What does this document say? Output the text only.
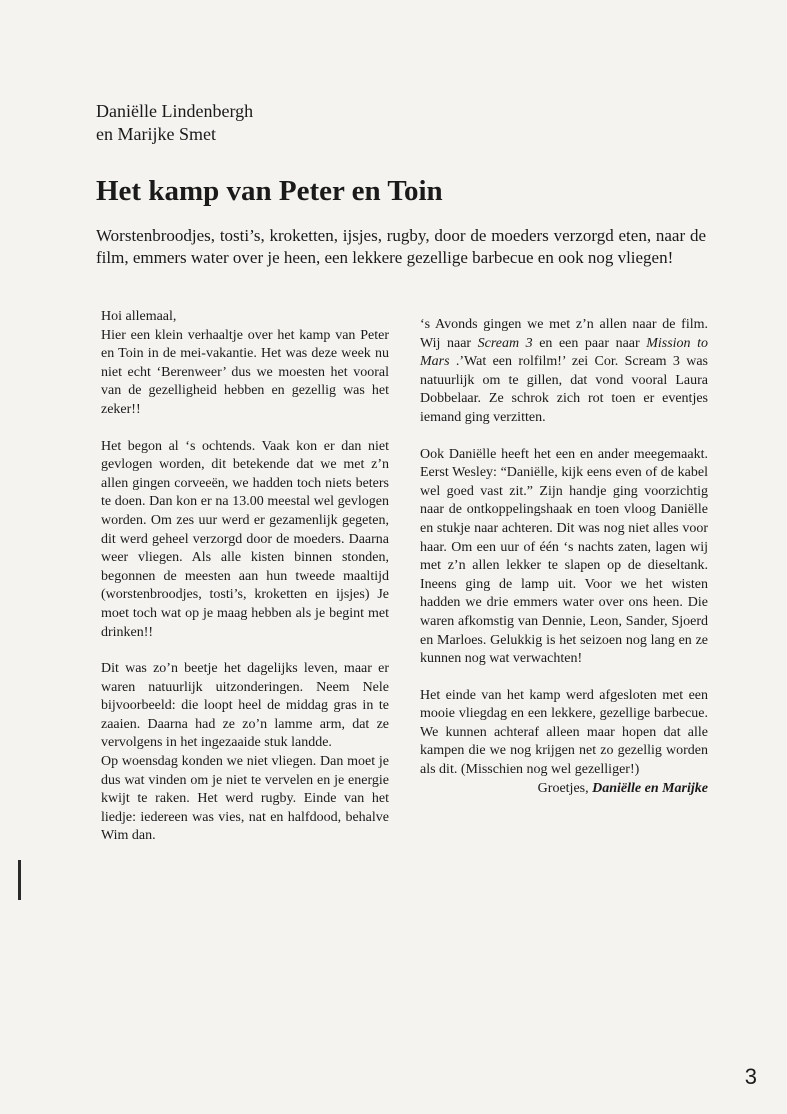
Daniëlle Lindenbergh
en Marijke Smet
Het kamp van Peter en Toin

Worstenbroodjes, tosti’s, kroketten, ijsjes, rugby, door de moeders verzorgd eten, naar de film, emmers water over je heen, een lekkere gezellige barbecue en ook nog vliegen!

Hoi allemaal,

Hier een klein verhaaltje over het kamp van Peter en Toin in de mei-vakantie. Het was deze week nu niet echt ‘Berenweer’ dus we moesten het vooral van de gezelligheid hebben en gezellig was het zeker!!

Het begon al ‘s ochtends. Vaak kon er dan niet gevlogen worden, dit betekende dat we met z’n allen gingen corveeën, we hadden toch niets beters te doen. Dan kon er na 13.00 meestal wel gevlogen worden. Om zes uur werd er gezamenlijk gegeten, dit werd geheel verzorgd door de moeders. Daarna weer vliegen. Als alle kisten binnen stonden, begonnen de meesten aan hun tweede maaltijd (worstenbroodjes, tosti’s, kroketten en ijsjes) Je moet toch wat op je maag hebben als je begint met drinken!!

Dit was zo’n beetje het dagelijks leven, maar er waren natuurlijk uitzonderingen. Neem Nele bijvoorbeeld: die loopt heel de middag gras in te zaaien. Daarna had ze zo’n lamme arm, dat ze vervolgens in het ingezaaide stuk landde.

Op woensdag konden we niet vliegen. Dan moet je dus wat vinden om je niet te vervelen en je energie kwijt te raken. Het werd rugby. Einde van het liedje: iedereen was vies, nat en halfdood, behalve Wim dan.

‘s Avonds gingen we met z’n allen naar de film. Wij naar Scream 3 en een paar naar Mission to Mars .’Wat een rolfilm!’ zei Cor. Scream 3 was natuurlijk om te gillen, dat vond vooral Laura Dobbelaar. Ze schrok zich rot toen er eventjes iemand ging verzitten.

Ook Daniëlle heeft het een en ander meegemaakt. Eerst Wesley: “Daniëlle, kijk eens even of de kabel wel goed vast zit.” Zijn handje ging voorzichtig naar de ontkoppelingshaak en toen vloog Daniëlle en stukje naar achteren. Dit was nog niet alles voor haar. Om een uur of één ‘s nachts zaten, lagen wij met z’n allen lekker te slapen op de dieseltank. Ineens ging de lamp uit. Voor we het wisten hadden we drie emmers water over ons heen. Die waren afkomstig van Dennie, Leon, Sander, Sjoerd en Marloes. Gelukkig is het seizoen nog lang en ze kunnen nog wat verwachten!

Het einde van het kamp werd afgesloten met een mooie vliegdag en een lekkere, gezellige barbecue. We kunnen achteraf alleen maar hopen dat alle kampen die we nog krijgen net zo gezellig worden als dit. (Misschien nog wel gezelliger!)

Groetjes, Daniëlle en Marijke

3
